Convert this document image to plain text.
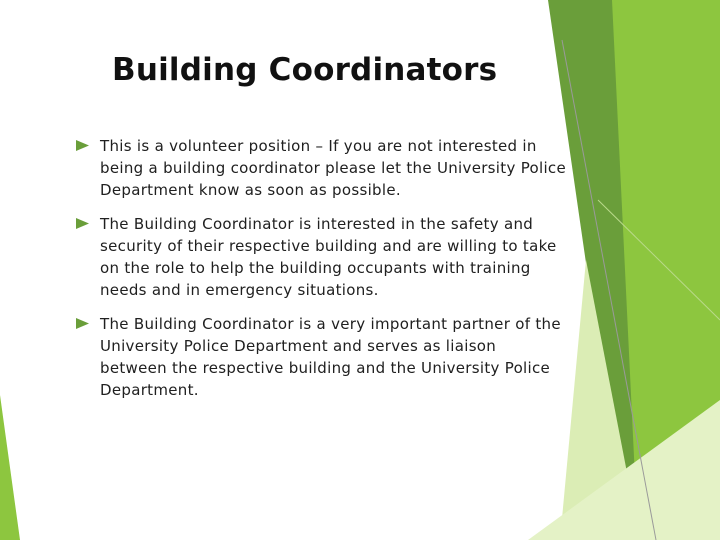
Building Coordinators
This is a volunteer position – If you are not interested in being a building coordinator please let the University Police Department know as soon as possible.
The Building Coordinator is interested in the safety and security of their respective building and are willing to take on the role to help the building occupants with training needs and in emergency situations.
The Building Coordinator is a very important partner of the University Police Department and serves as liaison between the respective building and the University Police Department.
